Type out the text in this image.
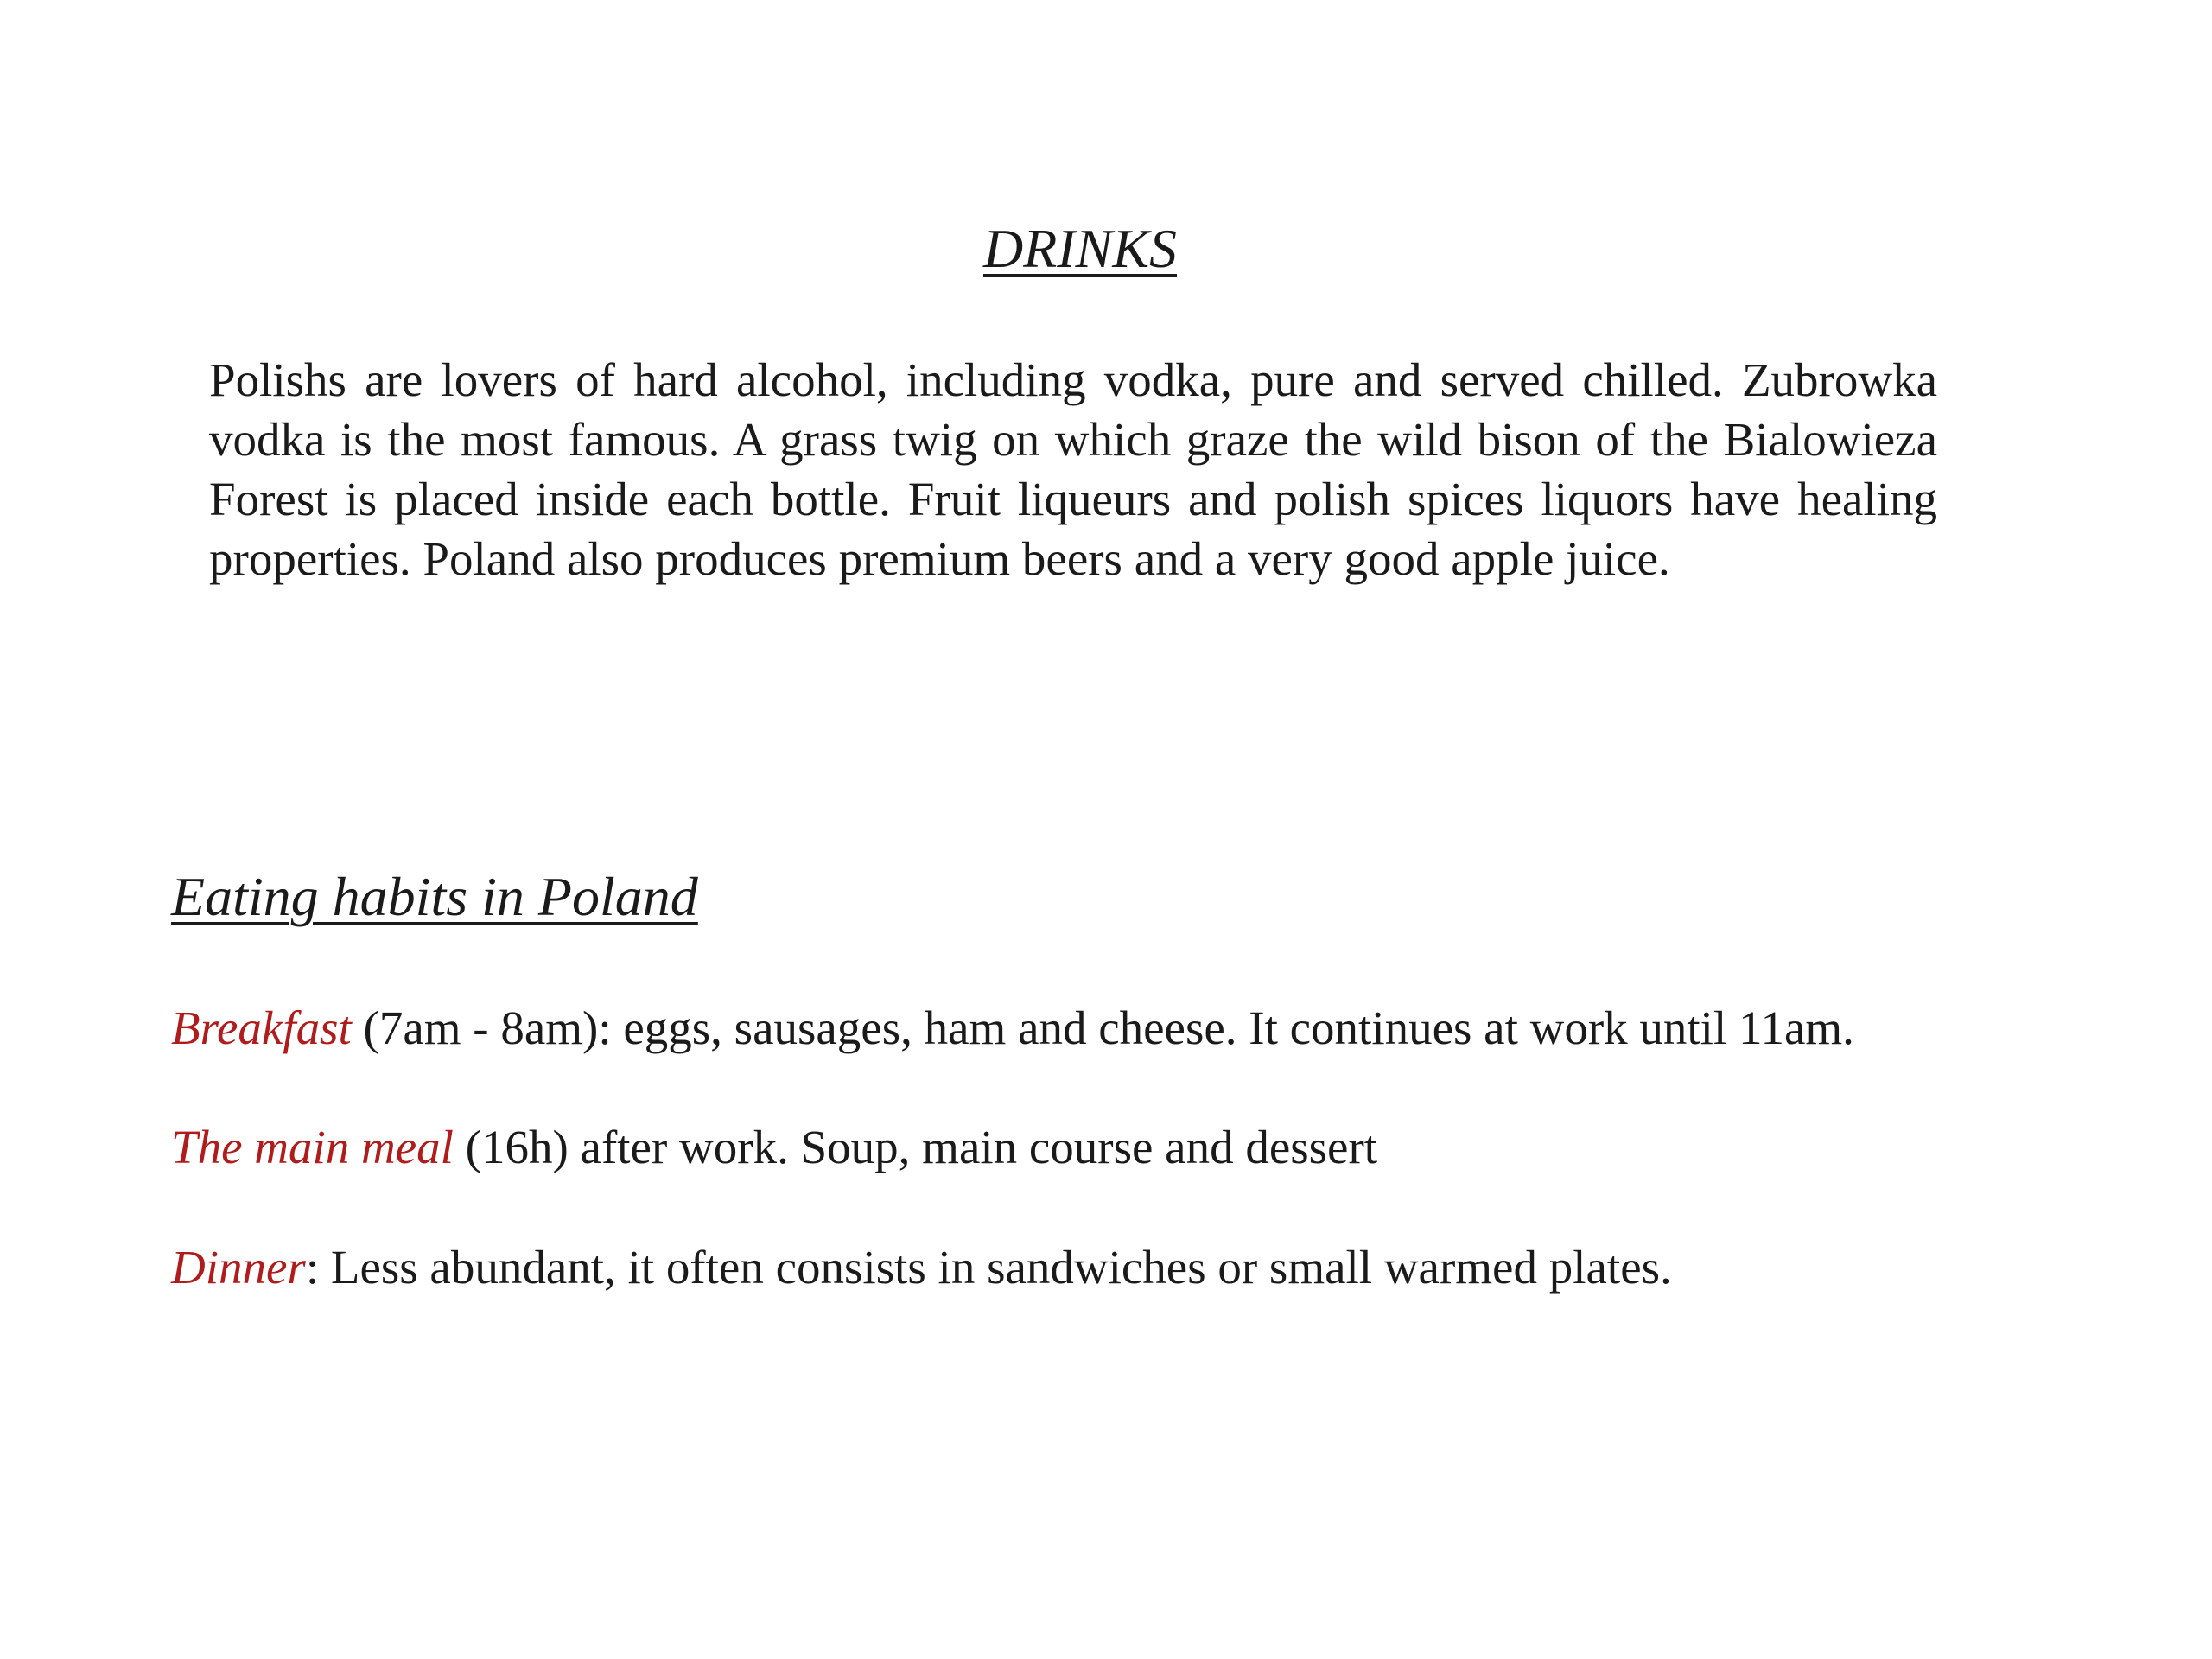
DRINKS

Polishs are lovers of hard alcohol, including vodka, pure and served chilled. Zubrowka vodka is the most famous. A grass twig on which graze the wild bison of the Bialowieza Forest is placed inside each bottle. Fruit liqueurs and polish spices liquors have healing properties. Poland also produces premium beers and a very good apple juice.

Eating habits in Poland

Breakfast (7am - 8am): eggs, sausages, ham and cheese. It continues at work until 11am.

The main meal (16h) after work. Soup, main course and dessert

Dinner: Less abundant, it often consists in sandwiches or small warmed plates.
